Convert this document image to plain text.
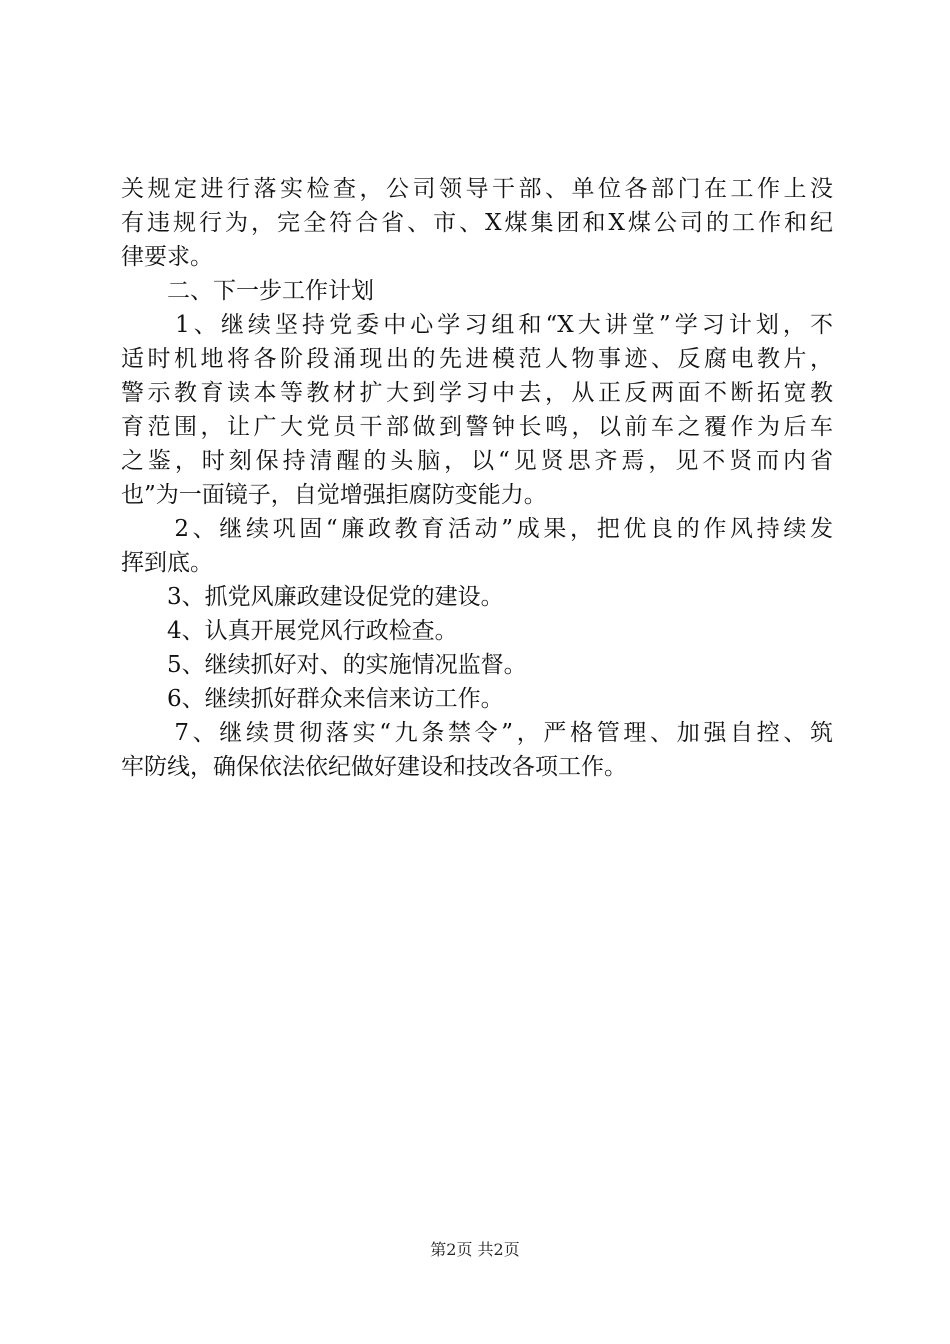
关规定进行落实检查，公司领导干部、单位各部门在工作上没
有违规行为，完全符合省、市、X煤集团和X煤公司的工作和纪
律要求。
　　二、下一步工作计划
　　1、继续坚持党委中心学习组和“X大讲堂”学习计划，不
适时机地将各阶段涌现出的先进模范人物事迹、反腐电教片，
警示教育读本等教材扩大到学习中去，从正反两面不断拓宽教
育范围，让广大党员干部做到警钟长鸣，以前车之覆作为后车
之鉴，时刻保持清醒的头脑，以“见贤思齐焉，见不贤而内省
也”为一面镜子，自觉增强拒腐防变能力。
　　2、继续巩固“廉政教育活动”成果，把优良的作风持续发
挥到底。
　　3、抓党风廉政建设促党的建设。
　　4、认真开展党风行政检查。
　　5、继续抓好对、的实施情况监督。
　　6、继续抓好群众来信来访工作。
　　7、继续贯彻落实“九条禁令”，严格管理、加强自控、筑
牢防线，确保依法依纪做好建设和技改各项工作。
第2页 共2页
